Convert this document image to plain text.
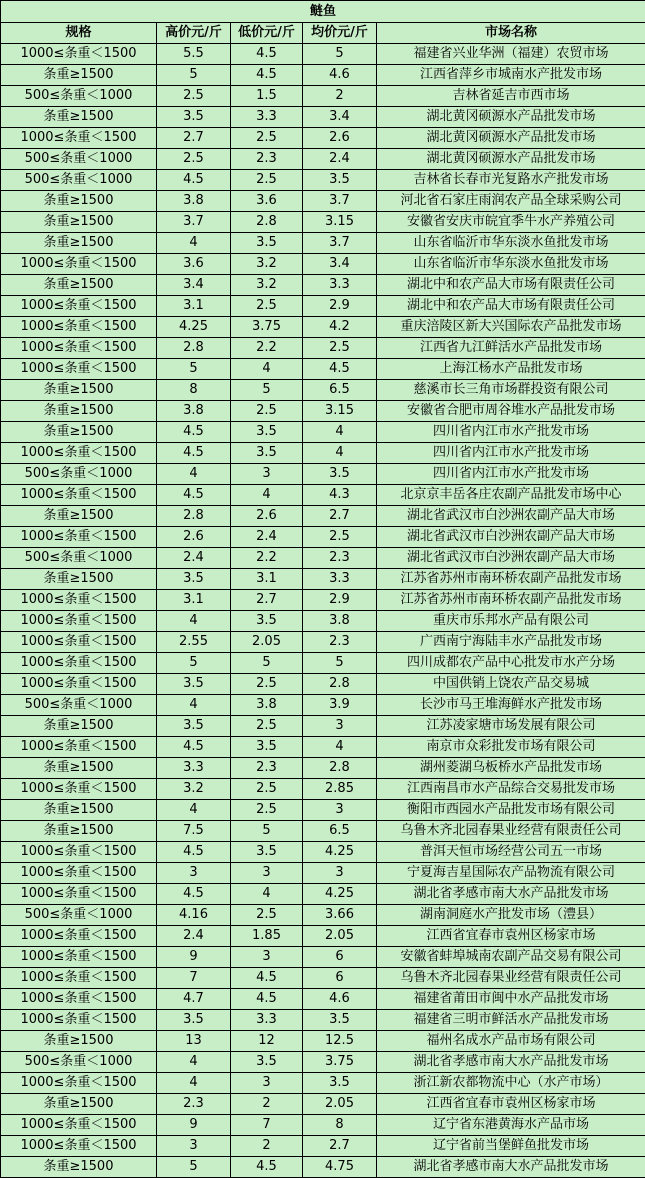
鲢鱼				
规格	高价元/斤	低价元/斤	均价元/斤	市场名称
1000≤条重＜1500	5.5	4.5	5	福建省兴业华洲（福建）农贸市场
条重≥1500	5	4.5	4.6	江西省萍乡市城南水产批发市场
500≤条重＜1000	2.5	1.5	2	吉林省延吉市西市场
条重≥1500	3.5	3.3	3.4	湖北黄冈硕源水产品批发市场
1000≤条重＜1500	2.7	2.5	2.6	湖北黄冈硕源水产品批发市场
500≤条重＜1000	2.5	2.3	2.4	湖北黄冈硕源水产品批发市场
500≤条重＜1000	4.5	2.5	3.5	吉林省长春市光复路水产批发市场
条重≥1500	3.8	3.6	3.7	河北省石家庄雨润农产品全球采购公司
条重≥1500	3.7	2.8	3.15	安徽省安庆市皖宜季牛水产养殖公司
条重≥1500	4	3.5	3.7	山东省临沂市华东淡水鱼批发市场
1000≤条重＜1500	3.6	3.2	3.4	山东省临沂市华东淡水鱼批发市场
条重≥1500	3.4	3.2	3.3	湖北中和农产品大市场有限责任公司
1000≤条重＜1500	3.1	2.5	2.9	湖北中和农产品大市场有限责任公司
1000≤条重＜1500	4.25	3.75	4.2	重庆涪陵区新大兴国际农产品批发市场
1000≤条重＜1500	2.8	2.2	2.5	江西省九江鲜活水产品批发市场
1000≤条重＜1500	5	4	4.5	上海江杨水产品批发市场
条重≥1500	8	5	6.5	慈溪市长三角市场群投资有限公司
条重≥1500	3.8	2.5	3.15	安徽省合肥市周谷堆水产品批发市场
条重≥1500	4.5	3.5	4	四川省内江市水产批发市场
1000≤条重＜1500	4.5	3.5	4	四川省内江市水产批发市场
500≤条重＜1000	4	3	3.5	四川省内江市水产批发市场
1000≤条重＜1500	4.5	4	4.3	北京京丰岳各庄农副产品批发市场中心
条重≥1500	2.8	2.6	2.7	湖北省武汉市白沙洲农副产品大市场
1000≤条重＜1500	2.6	2.4	2.5	湖北省武汉市白沙洲农副产品大市场
500≤条重＜1000	2.4	2.2	2.3	湖北省武汉市白沙洲农副产品大市场
条重≥1500	3.5	3.1	3.3	江苏省苏州市南环桥农副产品批发市场
1000≤条重＜1500	3.1	2.7	2.9	江苏省苏州市南环桥农副产品批发市场
1000≤条重＜1500	4	3.5	3.8	重庆市乐邦水产品有限公司
1000≤条重＜1500	2.55	2.05	2.3	广西南宁海陆丰水产品批发市场
1000≤条重＜1500	5	5	5	四川成都农产品中心批发市水产分场
1000≤条重＜1500	3.5	2.5	2.8	中国供销上饶农产品交易城
500≤条重＜1000	4	3.8	3.9	长沙市马王堆海鲜水产批发市场
条重≥1500	3.5	2.5	3	江苏凌家塘市场发展有限公司
1000≤条重＜1500	4.5	3.5	4	南京市众彩批发市场有限公司
条重≥1500	3.3	2.3	2.8	湖州菱湖乌板桥水产品批发市场
1000≤条重＜1500	3.2	2.5	2.85	江西南昌市水产品综合交易批发市场
条重≥1500	4	2.5	3	衡阳市西园水产品批发市场有限公司
条重≥1500	7.5	5	6.5	乌鲁木齐北园春果业经营有限责任公司
1000≤条重＜1500	4.5	3.5	4.25	普洱天恒市场经营公司五一市场
1000≤条重＜1500	3	3	3	宁夏海吉星国际农产品物流有限公司
1000≤条重＜1500	4.5	4	4.25	湖北省孝感市南大水产品批发市场
500≤条重＜1000	4.16	2.5	3.66	湖南洞庭水产批发市场（澧县）
1000≤条重＜1500	2.4	1.85	2.05	江西省宜春市袁州区杨家市场
1000≤条重＜1500	9	3	6	安徽省蚌埠城南农副产品交易有限公司
1000≤条重＜1500	7	4.5	6	乌鲁木齐北园春果业经营有限责任公司
1000≤条重＜1500	4.7	4.5	4.6	福建省莆田市闽中水产品批发市场
1000≤条重＜1500	3.5	3.3	3.5	福建省三明市鲜活水产品批发市场
条重≥1500	13	12	12.5	福州名成水产品市场有限公司
500≤条重＜1000	4	3.5	3.75	湖北省孝感市南大水产品批发市场
1000≤条重＜1500	4	3	3.5	浙江新农都物流中心（水产市场）
条重≥1500	2.3	2	2.05	江西省宜春市袁州区杨家市场
1000≤条重＜1500	9	7	8	辽宁省东港黄海水产品市场
1000≤条重＜1500	3	2	2.7	辽宁省前当堡鲜鱼批发市场
条重≥1500	5	4.5	4.75	湖北省孝感市南大水产品批发市场
